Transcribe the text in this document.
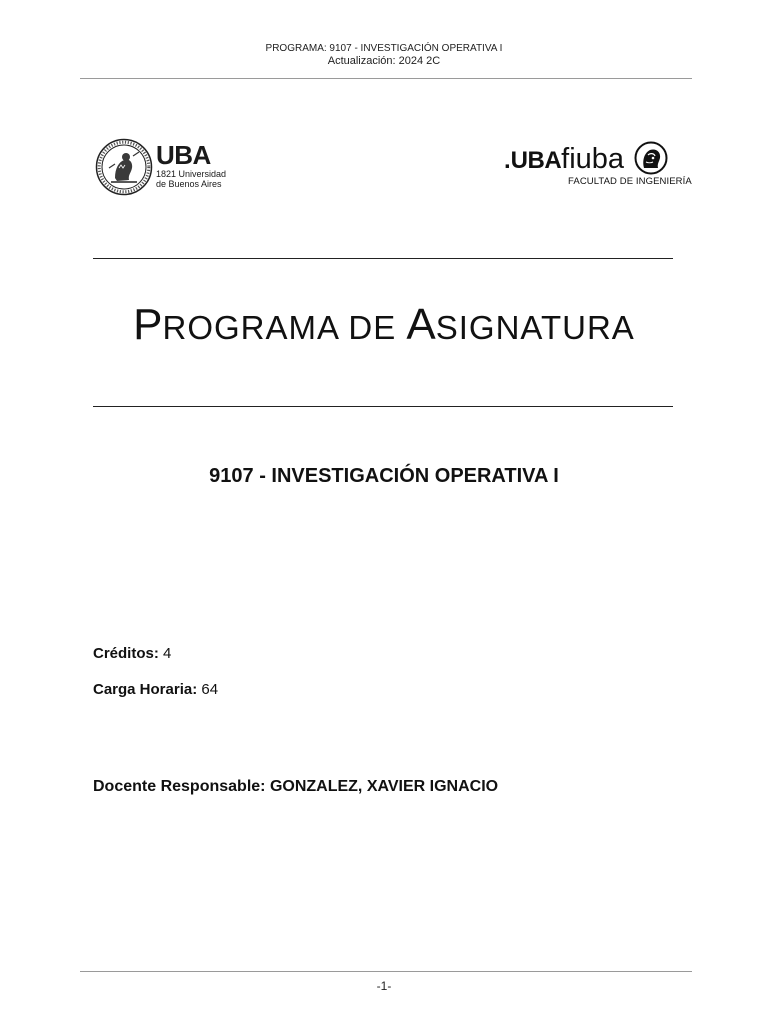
PROGRAMA: 9107 - INVESTIGACIÓN OPERATIVA I
Actualización: 2024 2C
UBA
1821 Universidad
de Buenos Aires
.UBAfiuba
FACULTAD DE INGENIERÍA
PROGRAMA DE ASIGNATURA
9107 - INVESTIGACIÓN OPERATIVA I
Créditos: 4
Carga Horaria: 64
Docente Responsable: GONZALEZ, XAVIER IGNACIO
-1-
